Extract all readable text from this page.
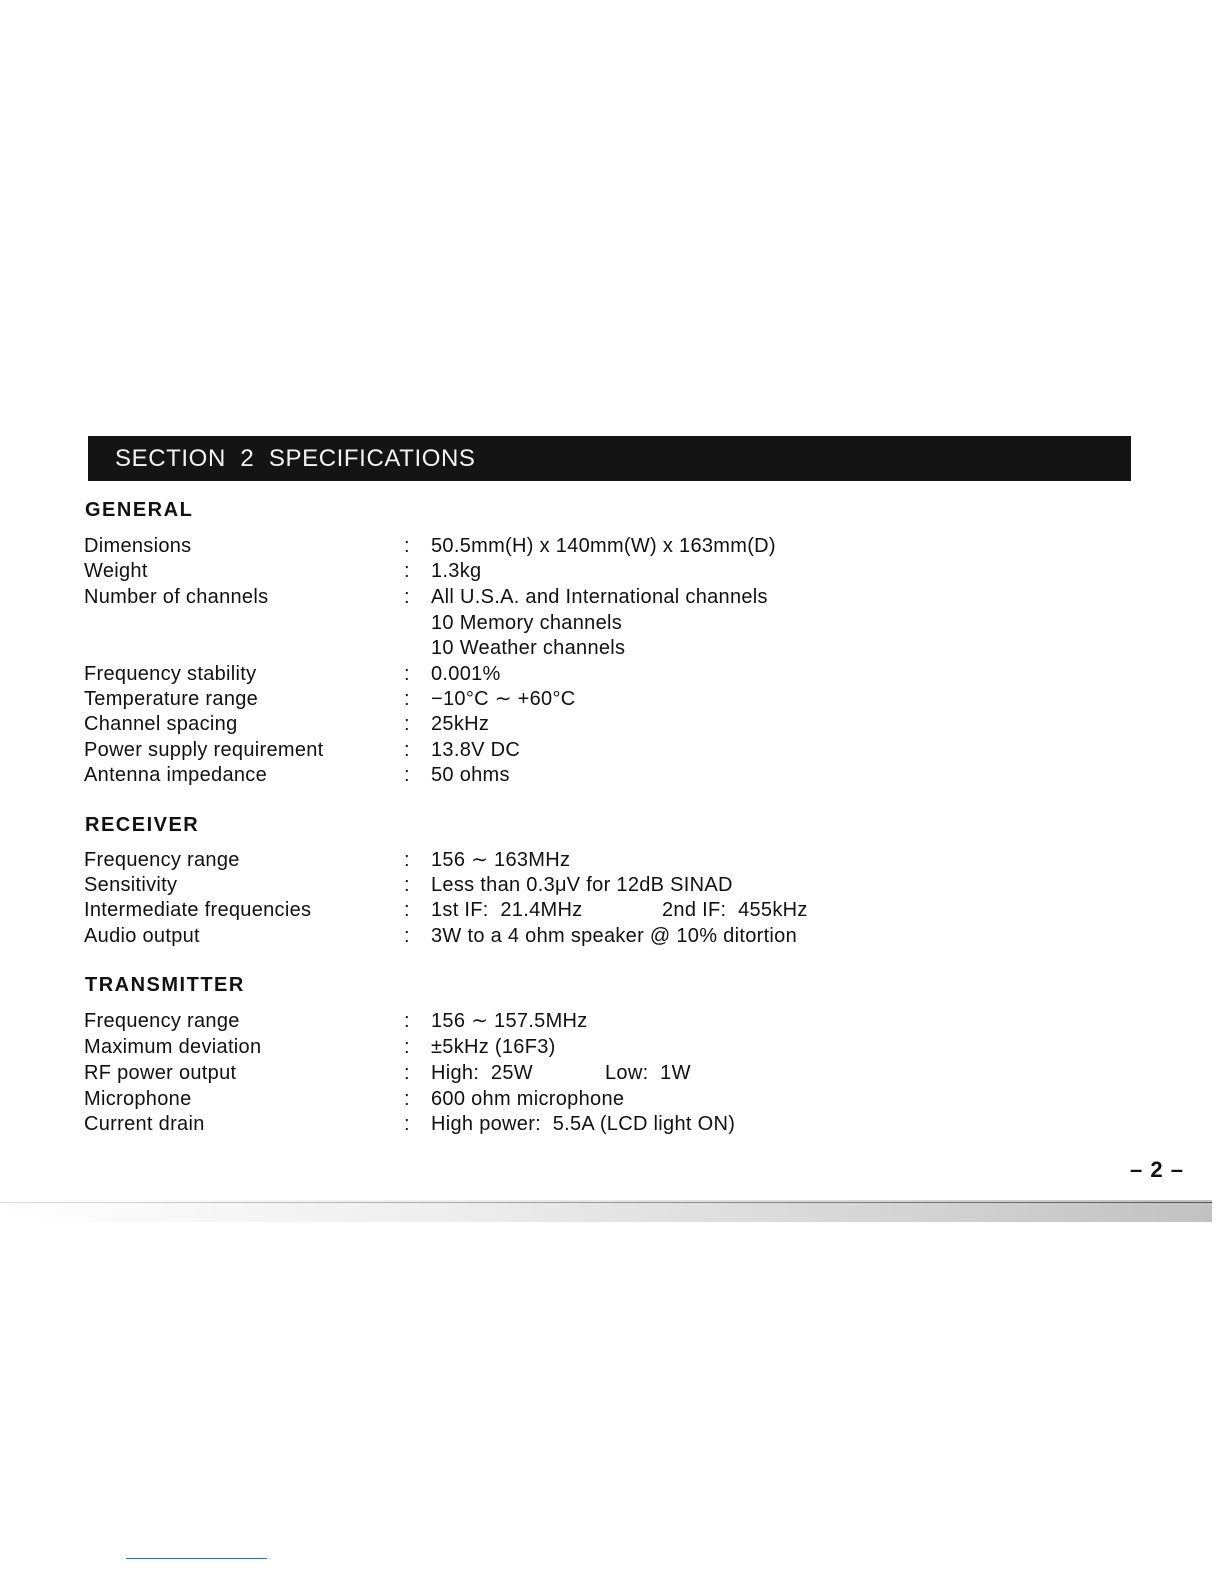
SECTION  2  SPECIFICATIONS
GENERAL
Dimensions	: 50.5mm(H) x 140mm(W) x 163mm(D)
Weight	: 1.3kg
Number of channels	: All U.S.A. and International channels
10 Memory channels
10 Weather channels
Frequency stability	: 0.001%
Temperature range	: −10°C ∼ +60°C
Channel spacing	: 25kHz
Power supply requirement	: 13.8V DC
Antenna impedance	: 50 ohms
RECEIVER
Frequency range	: 156 ∼ 163MHz
Sensitivity	: Less than 0.3μV for 12dB SINAD
Intermediate frequencies	: 1st IF:  21.4MHz	2nd IF:  455kHz
Audio output	: 3W to a 4 ohm speaker @ 10% ditortion
TRANSMITTER
Frequency range	: 156 ∼ 157.5MHz
Maximum deviation	: ±5kHz (16F3)
RF power output	: High:  25W	Low:  1W
Microphone	: 600 ohm microphone
Current drain	: High power:  5.5A (LCD light ON)
– 2 –
